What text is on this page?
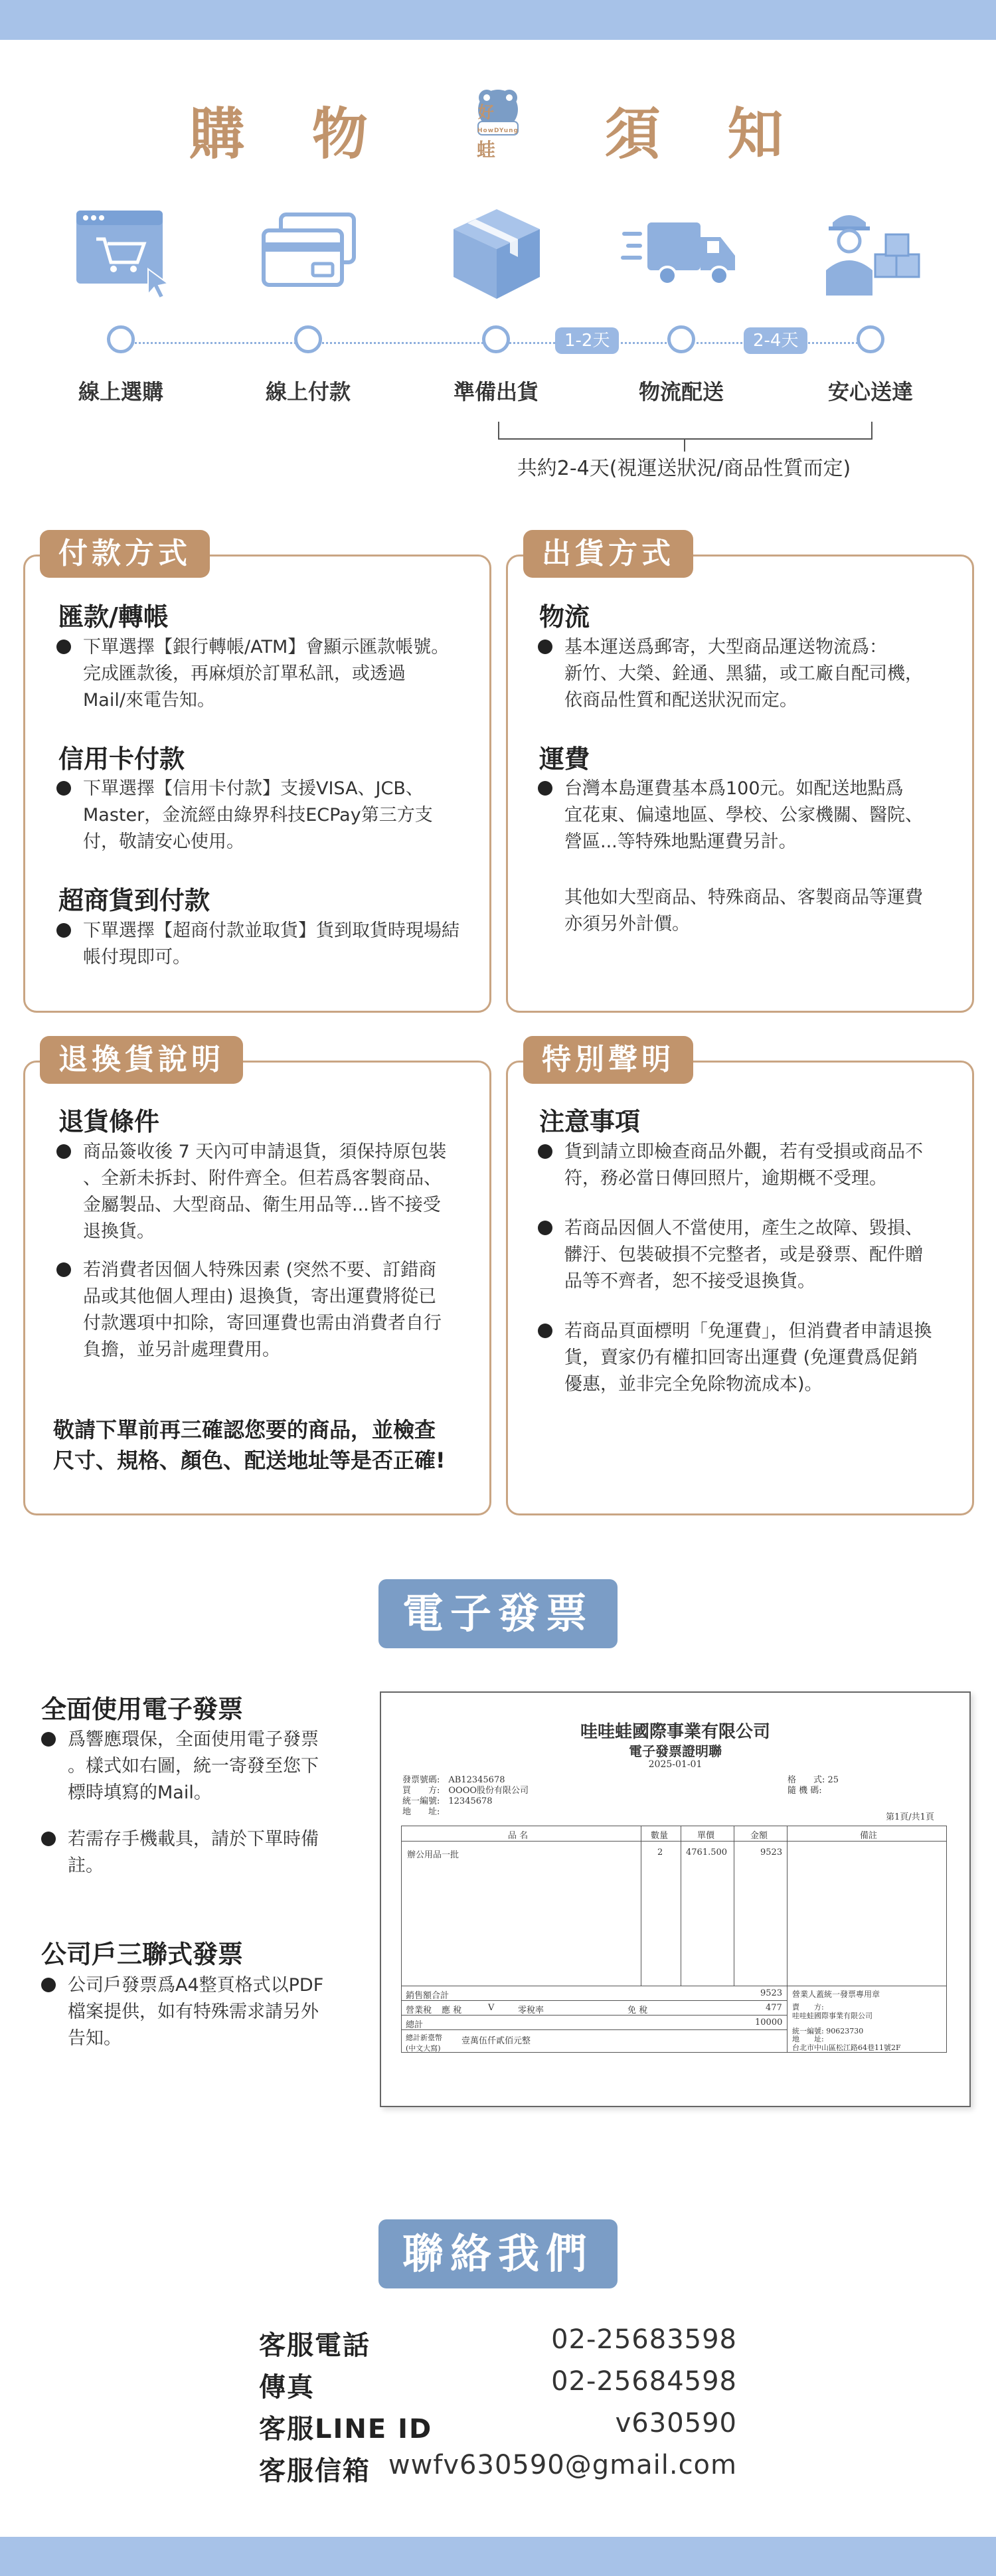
購 物	好
HowDYung
蛙 須 知
1-2天	2-4天
線上選購	線上付款	準備出貨	物流配送	安心送達
共約2-4天(視運送狀況/商品性質而定)
付款方式
匯款/轉帳
下單選擇【銀行轉帳/ATM】會顯示匯款帳號。
完成匯款後，再麻煩於訂單私訊，或透過
Mail/來電告知。
信用卡付款
下單選擇【信用卡付款】支援VISA、JCB、
Master，金流經由綠界科技ECPay第三方支
付，敬請安心使用。
超商貨到付款
下單選擇【超商付款並取貨】貨到取貨時現場結
帳付現即可。
出貨方式
物流
基本運送爲郵寄，大型商品運送物流爲：
新竹、大榮、銓通、黑貓，或工廠自配司機，
依商品性質和配送狀況而定。
運費
台灣本島運費基本爲100元。如配送地點爲
宜花東、偏遠地區、學校、公家機關、醫院、
營區...等特殊地點運費另計。
其他如大型商品、特殊商品、客製商品等運費
亦須另外計價。
退換貨說明
退貨條件
商品簽收後 7 天內可申請退貨，須保持原包裝
、全新未拆封、附件齊全。但若爲客製商品、
金屬製品、大型商品、衛生用品等...皆不接受
退換貨。
若消費者因個人特殊因素 (突然不要、訂錯商
品或其他個人理由) 退換貨，寄出運費將從已
付款選項中扣除，寄回運費也需由消費者自行
負擔，並另計處理費用。
敬請下單前再三確認您要的商品，並檢查
尺寸、規格、顏色、配送地址等是否正確!
特別聲明
注意事項
貨到請立即檢查商品外觀，若有受損或商品不
符，務必當日傳回照片，逾期概不受理。
若商品因個人不當使用，產生之故障、毀損、
髒汙、包裝破損不完整者，或是發票、配件贈
品等不齊者，恕不接受退換貨。
若商品頁面標明「免運費」，但消費者申請退換
貨，賣家仍有權扣回寄出運費 (免運費爲促銷
優惠，並非完全免除物流成本)。
電子發票
全面使用電子發票
爲響應環保，全面使用電子發票
。樣式如右圖，統一寄發至您下
標時填寫的Mail。
若需存手機載具，請於下單時備
註。
公司戶三聯式發票
公司戶發票爲A4整頁格式以PDF
檔案提供，如有特殊需求請另外
告知。
哇哇蛙國際事業有限公司
電子發票證明聯
2025-01-01
發票號碼:　AB12345678
買　　方:　OOOO股份有限公司
統一編號:　12345678
地　　址:
格　　式: 25
隨 機 碼:
第1頁/共1頁
品 名	數量	單價	金額	備註
辦公用品一批	2	4761.500	9523
銷售額合計	9523
營業稅 應 稅	V	零稅率	免 稅	477
總計	10000
總計新臺幣(中文大寫)
壹萬伍仟貳佰元整
營業人蓋統一發票專用章
賣　　方:
哇哇蛙國際事業有限公司
統一編號: 90623730
地　　址:
台北市中山區松江路64巷11號2F
聯絡我們
客服電話	02-25683598
傳真	02-25684598
客服LINE ID	v630590
客服信箱 wwfv630590@gmail.com
